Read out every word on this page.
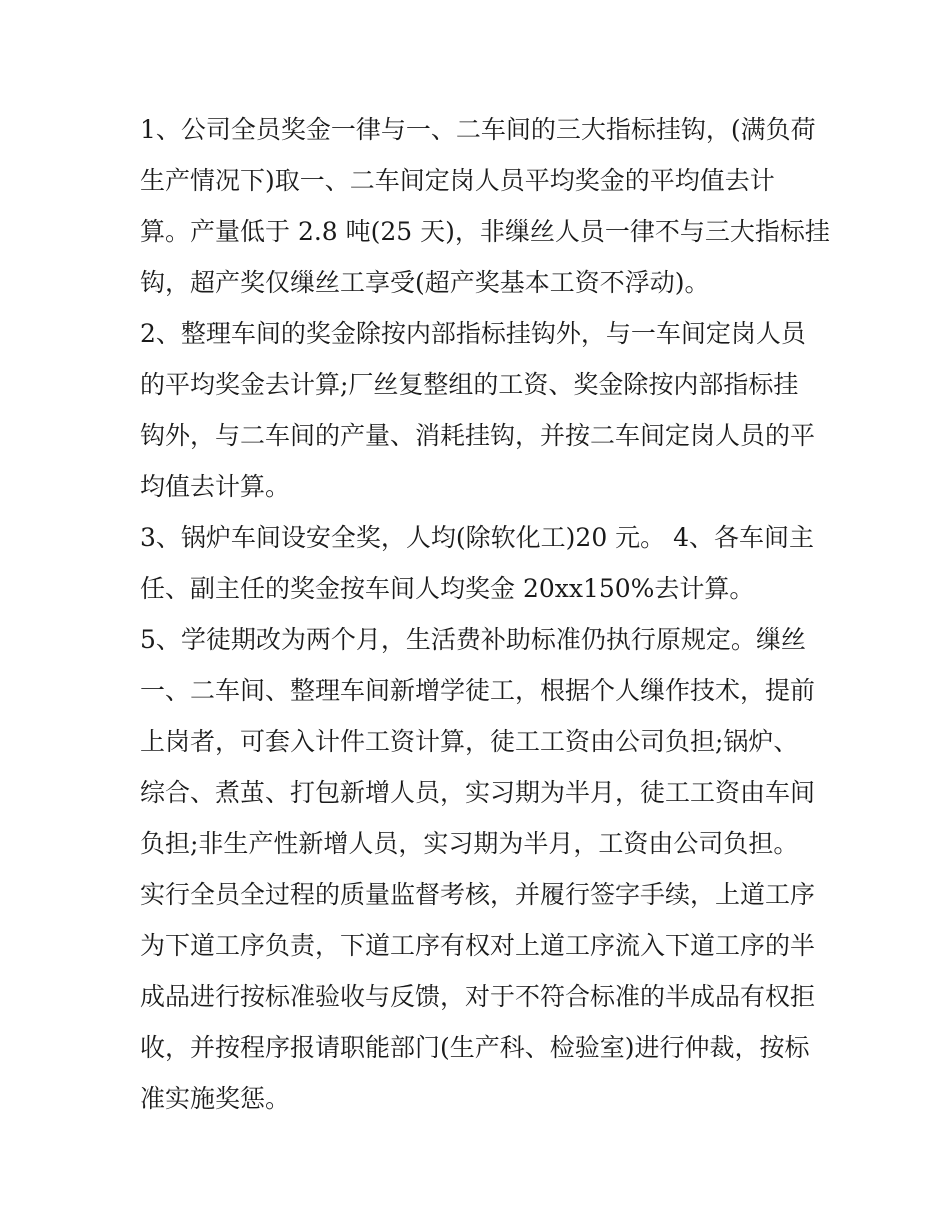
1、公司全员奖金一律与一、二车间的三大指标挂钩，(满负荷
生产情况下)取一、二车间定岗人员平均奖金的平均值去计
算。产量低于 2.8 吨(25 天)，非缫丝人员一律不与三大指标挂
钩，超产奖仅缫丝工享受(超产奖基本工资不浮动)。
2、整理车间的奖金除按内部指标挂钩外，与一车间定岗人员
的平均奖金去计算;厂丝复整组的工资、奖金除按内部指标挂
钩外，与二车间的产量、消耗挂钩，并按二车间定岗人员的平
均值去计算。
3、锅炉车间设安全奖，人均(除软化工)20 元。 4、各车间主
任、副主任的奖金按车间人均奖金 20xx150%去计算。
5、学徒期改为两个月，生活费补助标准仍执行原规定。缫丝
一、二车间、整理车间新增学徒工，根据个人缫作技术，提前
上岗者，可套入计件工资计算，徒工工资由公司负担;锅炉、
综合、煮茧、打包新增人员，实习期为半月，徒工工资由车间
负担;非生产性新增人员，实习期为半月，工资由公司负担。
实行全员全过程的质量监督考核，并履行签字手续，上道工序
为下道工序负责，下道工序有权对上道工序流入下道工序的半
成品进行按标准验收与反馈，对于不符合标准的半成品有权拒
收，并按程序报请职能部门(生产科、检验室)进行仲裁，按标
准实施奖惩。
